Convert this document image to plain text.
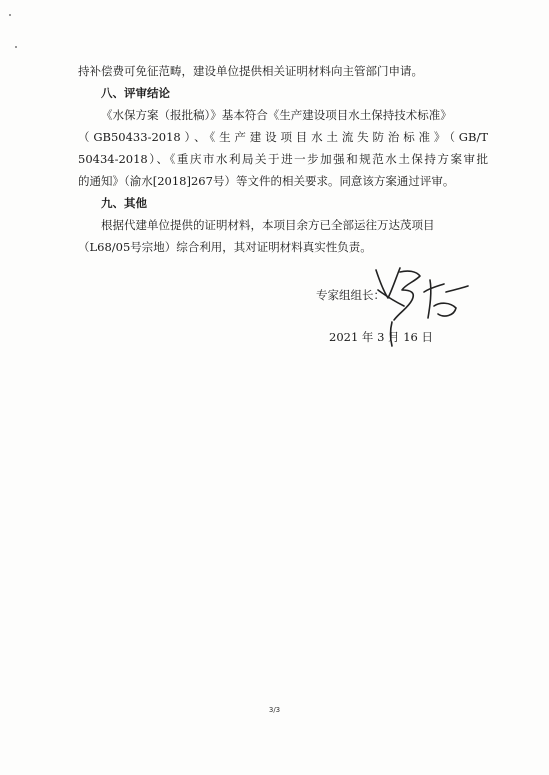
持补偿费可免征范畴，建设单位提供相关证明材料向主管部门申请。
八、评审结论
《水保方案（报批稿）》基本符合《生产建设项目水土保持技术标准》
（GB50433-2018）、《生产建设项目水土流失防治标准》（GB/T
50434-2018）、《重庆市水利局关于进一步加强和规范水土保持方案审批
的通知》（渝水[2018]267号）等文件的相关要求。同意该方案通过评审。
九、其他
根据代建单位提供的证明材料，本项目余方已全部运往万达茂项目
（L68/05号宗地）综合利用，其对证明材料真实性负责。
专家组组长：
2021 年 3 月 16 日
3/3
